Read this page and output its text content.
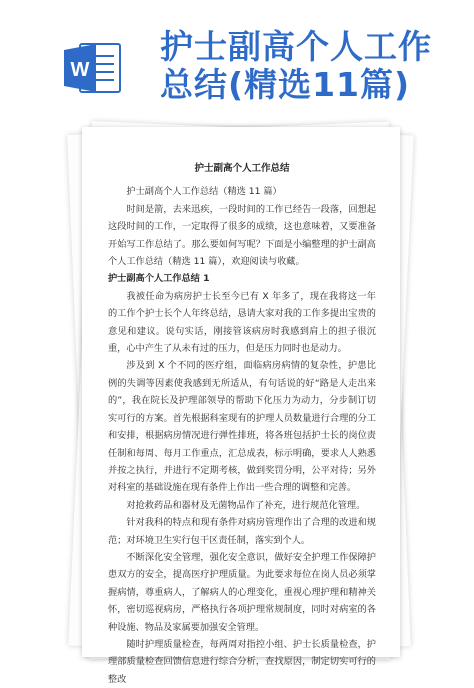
W
护士副高个人工作
总结(精选11篇)
护士副高个人工作总结

护士副高个人工作总结（精选 11 篇）

时间是箭，去来迅疾，一段时间的工作已经告一段落，回想起这段时间的工作，一定取得了很多的成绩，这也意味着，又要准备开始写工作总结了。那么要如何写呢？下面是小编整理的护士副高个人工作总结（精选 11 篇），欢迎阅读与收藏。

护士副高个人工作总结 1

我被任命为病房护士长至今已有 X 年多了，现在我将这一年的工作个护士长个人年终总结，恳请大家对我的工作多提出宝贵的意见和建议。说句实话，刚接管该病房时我感到肩上的担子很沉重，心中产生了从未有过的压力，但是压力同时也是动力。

涉及到 X 个不同的医疗组，面临病房病情的复杂性，护患比例的失调等因素使我感到无所适从，有句话说的好“路是人走出来的”，我在院长及护理部领导的帮助下化压力为动力，分步制订切实可行的方案。首先根据科室现有的护理人员数量进行合理的分工和安排，根据病房情况进行弹性排班，将各班包括护士长的岗位责任制和每周、每月工作重点，汇总成表，标示明确，要求人人熟悉并按之执行，并进行不定期考核，做到奖罚分明，公平对待；另外对科室的基础设施在现有条件上作出一些合理的调整和完善。

对抢救药品和器材及无菌物品作了补充，进行规范化管理。

针对我科的特点和现有条件对病房管理作出了合理的改进和规范；对环境卫生实行包干区责任制，落实到个人。

不断深化安全管理，强化安全意识，做好安全护理工作保障护患双方的安全，提高医疗护理质量。为此要求每位在岗人员必须掌握病情，尊重病人，了解病人的心理变化，重视心理护理和精神关怀，密切巡视病房，严格执行各项护理常规制度，同时对病室的各种设施、物品及家属要加强安全管理。

随时护理质量检查，每两周对指控小组、护士长质量检查，护理部质量检查回馈信息进行综合分析，查找原因，制定切实可行的整改
